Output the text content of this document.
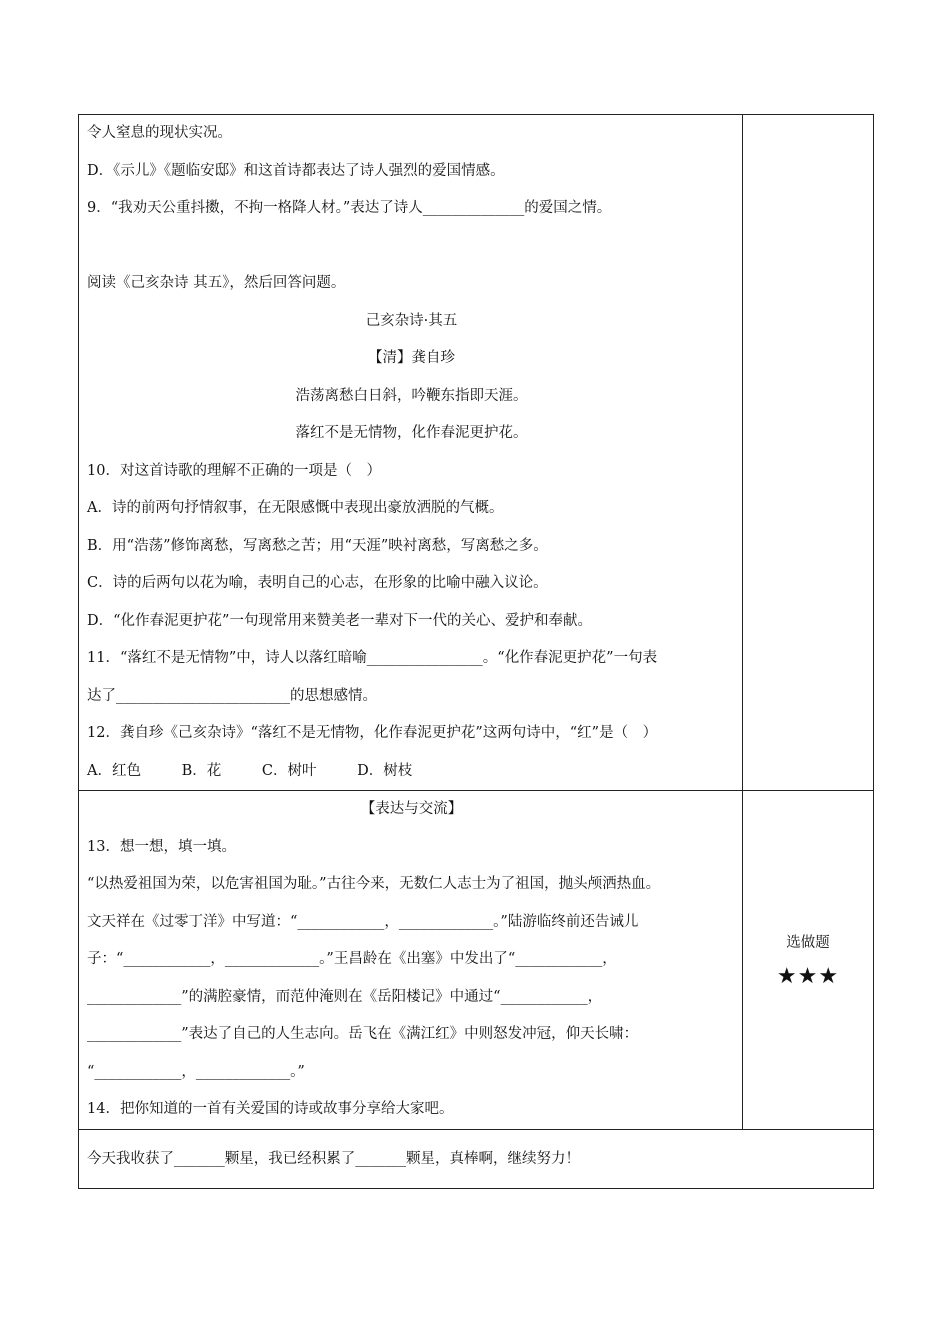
令人窒息的现状实况。
D．《示儿》《题临安邸》和这首诗都表达了诗人强烈的爱国情感。
9．“我劝天公重抖擞，不拘一格降人材。”表达了诗人______________的爱国之情。
阅读《己亥杂诗 其五》，然后回答问题。
己亥杂诗·其五
【清】龚自珍
浩荡离愁白日斜，吟鞭东指即天涯。
落红不是无情物，化作春泥更护花。
10．对这首诗歌的理解不正确的一项是（　）
A．诗的前两句抒情叙事，在无限感慨中表现出豪放洒脱的气概。
B．用“浩荡”修饰离愁，写离愁之苦；用“天涯”映衬离愁，写离愁之多。
C．诗的后两句以花为喻，表明自己的心志，在形象的比喻中融入议论。
D．“化作春泥更护花”一句现常用来赞美老一辈对下一代的关心、爱护和奉献。
11．“落红不是无情物”中，诗人以落红暗喻________________。“化作春泥更护花”一句表
达了________________________的思想感情。
12．龚自珍《己亥杂诗》“落红不是无情物，化作春泥更护花”这两句诗中，“红”是（　）
A．红色	B．花	C．树叶	D．树枝
【表达与交流】
13．想一想，填一填。
“以热爱祖国为荣，以危害祖国为耻。”古往今来，无数仁人志士为了祖国，抛头颅洒热血。
文天祥在《过零丁洋》中写道：“____________，_____________。”陆游临终前还告诫儿
子：“____________，_____________。”王昌龄在《出塞》中发出了“____________，
_____________”的满腔豪情，而范仲淹则在《岳阳楼记》中通过“____________，
_____________”表达了自己的人生志向。岳飞在《满江红》中则怒发冲冠，仰天长啸：
“____________，_____________。”
14．把你知道的一首有关爱国的诗或故事分享给大家吧。
选做题
★★★
今天我收获了_______颗星，我已经积累了_______颗星，真棒啊，继续努力！
